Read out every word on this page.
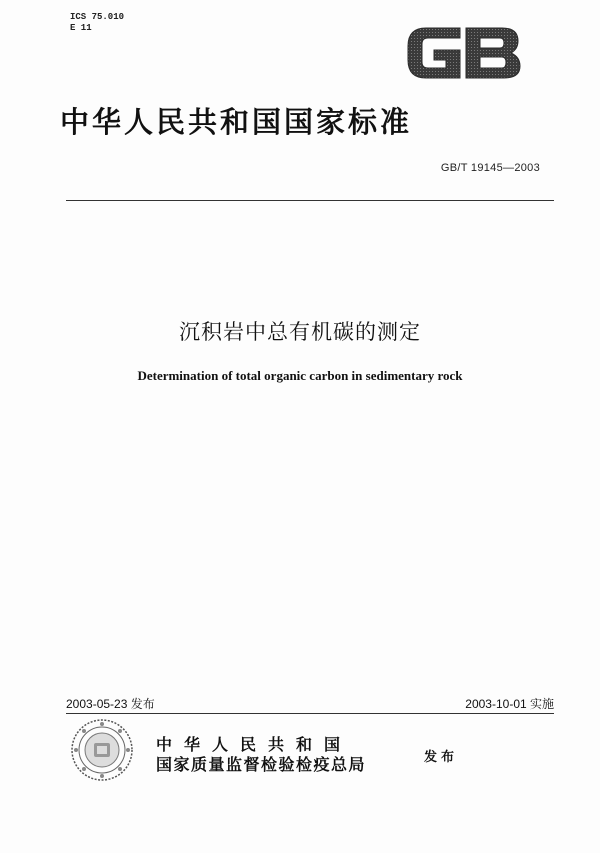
ICS 75.010
E 11
中华人民共和国国家标准
GB/T 19145—2003
沉积岩中总有机碳的测定
Determination of total organic carbon in sedimentary rock
2003-05-23 发布	2003-10-01 实施
中华人民共和国
国家质量监督检验检疫总局	发布
